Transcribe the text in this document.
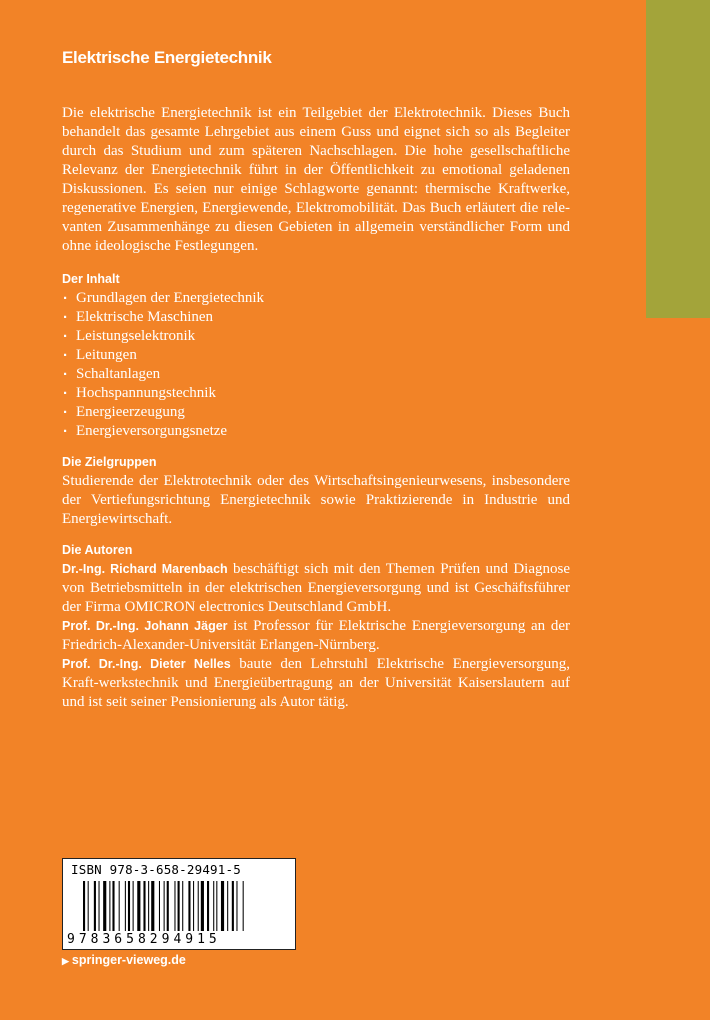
Elektrische Energietechnik
Die elektrische Energietechnik ist ein Teilgebiet der Elektrotechnik. Dieses Buch behandelt das gesamte Lehrgebiet aus einem Guss und eignet sich so als Begleiter durch das Studium und zum späteren Nachschlagen. Die hohe gesellschaftliche Relevanz der Energietechnik führt in der Öffentlichkeit zu emotional geladenen Diskussionen. Es seien nur einige Schlagworte genannt: thermische Kraftwerke, regenerative Energien, Energiewende, Elektromobilität. Das Buch erläutert die rele- vanten Zusammenhänge zu diesen Gebieten in allgemein verständlicher Form und ohne ideologische Festlegungen.
Der Inhalt
· Grundlagen der Energietechnik
· Elektrische Maschinen
· Leistungselektronik
· Leitungen
· Schaltanlagen
· Hochspannungstechnik
· Energieerzeugung
· Energieversorgungsnetze
Die Zielgruppen
Studierende der Elektrotechnik oder des Wirtschaftsingenieurwesens, insbesondere der Vertiefungsrichtung Energietechnik sowie Praktizierende in Industrie und Energiewirtschaft.
Die Autoren
Dr.-Ing. Richard Marenbach beschäftigt sich mit den Themen Prüfen und Diagnose von Betriebsmitteln in der elektrischen Energieversorgung und ist Geschäftsführer der Firma OMICRON electronics Deutschland GmbH.
Prof. Dr.-Ing. Johann Jäger ist Professor für Elektrische Energieversorgung an der Friedrich-Alexander-Universität Erlangen-Nürnberg.
Prof. Dr.-Ing. Dieter Nelles baute den Lehrstuhl Elektrische Energieversorgung, Kraft-werkstechnik und Energieübertragung an der Universität Kaiserslautern auf und ist seit seiner Pensionierung als Autor tätig.
ISBN 978-3-658-29491-5
9783658294915
▶ springer-vieweg.de
